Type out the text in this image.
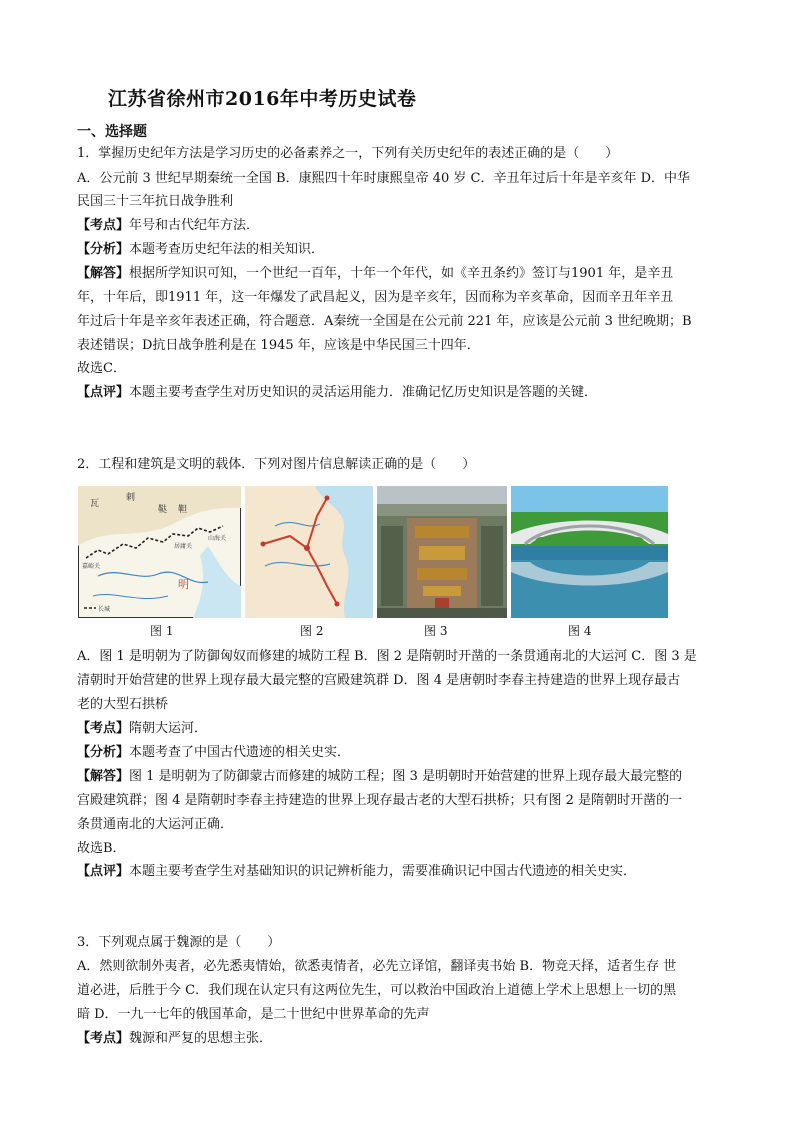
江苏省徐州市2016年中考历史试卷
一、选择题
1．掌握历史纪年方法是学习历史的必备素养之一，下列有关历史纪年的表述正确的是（　　）
A．公元前 3 世纪早期秦统一全国 B．康熙四十年时康熙皇帝 40 岁 C．辛丑年过后十年是辛亥年 D．中华
民国三十三年抗日战争胜利
【考点】年号和古代纪年方法．
【分析】本题考查历史纪年法的相关知识．
【解答】根据所学知识可知，一个世纪一百年，十年一个年代，如《辛丑条约》签订与1901 年，是辛丑
年，十年后，即1911 年，这一年爆发了武昌起义，因为是辛亥年，因而称为辛亥革命，因而辛丑年辛丑
年过后十年是辛亥年表述正确，符合题意．A秦统一全国是在公元前 221 年，应该是公元前 3 世纪晚期；B
表述错误；D抗日战争胜利是在 1945 年，应该是中华民国三十四年．
故选C．
【点评】本题主要考查学生对历史知识的灵活运用能力．准确记忆历史知识是答题的关键．
2．工程和建筑是文明的载体．下列对图片信息解读正确的是（　　）
瓦
剌
鞑 靼
嘉峪关
居庸关
山海关
明
长城
图 1	图 2	图 3	图 4
A．图 1 是明朝为了防御匈奴而修建的城防工程 B．图 2 是隋朝时开凿的一条贯通南北的大运河 C．图 3 是
清朝时开始营建的世界上现存最大最完整的宫殿建筑群 D．图 4 是唐朝时李春主持建造的世界上现存最古
老的大型石拱桥
【考点】隋朝大运河．
【分析】本题考查了中国古代遗迹的相关史实．
【解答】图 1 是明朝为了防御蒙古而修建的城防工程；图 3 是明朝时开始营建的世界上现存最大最完整的
宫殿建筑群；图 4 是隋朝时李春主持建造的世界上现存最古老的大型石拱桥；只有图 2 是隋朝时开凿的一
条贯通南北的大运河正确．
故选B．
【点评】本题主要考查学生对基础知识的识记辨析能力，需要准确识记中国古代遗迹的相关史实．
3．下列观点属于魏源的是（　　）
A．然则欲制外夷者，必先悉夷情始，欲悉夷情者，必先立译馆，翻译夷书始 B．物竞天择，适者生存 世
道必进，后胜于今 C．我们现在认定只有这两位先生，可以救治中国政治上道德上学术上思想上一切的黑
暗 D．一九一七年的俄国革命，是二十世纪中世界革命的先声
【考点】魏源和严复的思想主张．
